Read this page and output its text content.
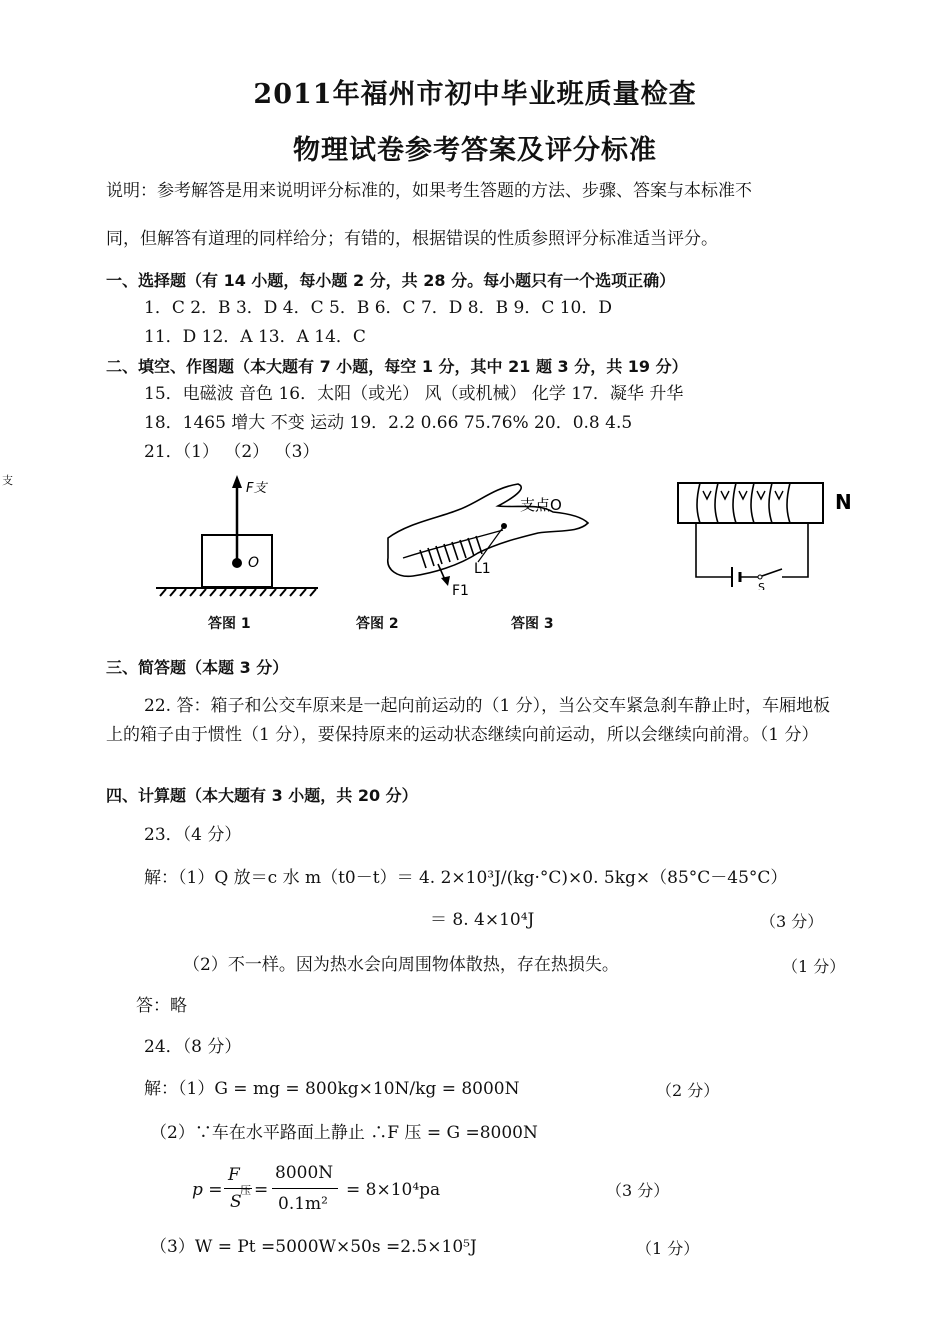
2011年福州市初中毕业班质量检查
物理试卷参考答案及评分标准
说明：参考解答是用来说明评分标准的，如果考生答题的方法、步骤、答案与本标准不
同，但解答有道理的同样给分；有错的，根据错误的性质参照评分标准适当评分。
一、选择题（有 14 小题，每小题 2 分，共 28 分。每小题只有一个选项正确）
1．C 2．B 3．D 4．C 5．B 6．C 7．D 8．B 9．C 10．D
11．D 12．A 13．A 14．C
二、填空、作图题（本大题有 7 小题，每空 1 分，其中 21 题 3 分，共 19 分）
15．电磁波 音色 16．太阳（或光） 风（或机械） 化学 17．凝华 升华
18．1465 增大 不变 运动 19．2.2 0.66 75.76% 20．0.8 4.5
21．（1） （2） （3）
支
F支
O
答图 1
支点O
L1
F1
答图 2
N
S
答图 3
三、简答题（本题 3 分）
22. 答：箱子和公交车原来是一起向前运动的（1 分），当公交车紧急刹车静止时，车厢地板上的箱子由于惯性（1 分），要保持原来的运动状态继续向前运动，所以会继续向前滑。（1 分）
四、计算题（本大题有 3 小题，共 20 分）
23．（4 分）
解：（1）Q 放＝c 水 m（t0－t）＝ 4. 2×10³J/(kg·°C)×0. 5kg×（85°C－45°C）
＝ 8. 4×10⁴J	（3 分）
（2）不一样。因为热水会向周围物体散热，存在热损失。	（1 分）
答：略
24．（8 分）
解：（1）G = mg = 800kg×10N/kg = 8000N	（2 分）
（2）∵车在水平路面上静止 ∴F 压 = G =8000N
p =
F
压
S
=
8000N
0.1m²
= 8×10⁴pa	（3 分）
（3）W = Pt =5000W×50s =2.5×10⁵J	（1 分）
